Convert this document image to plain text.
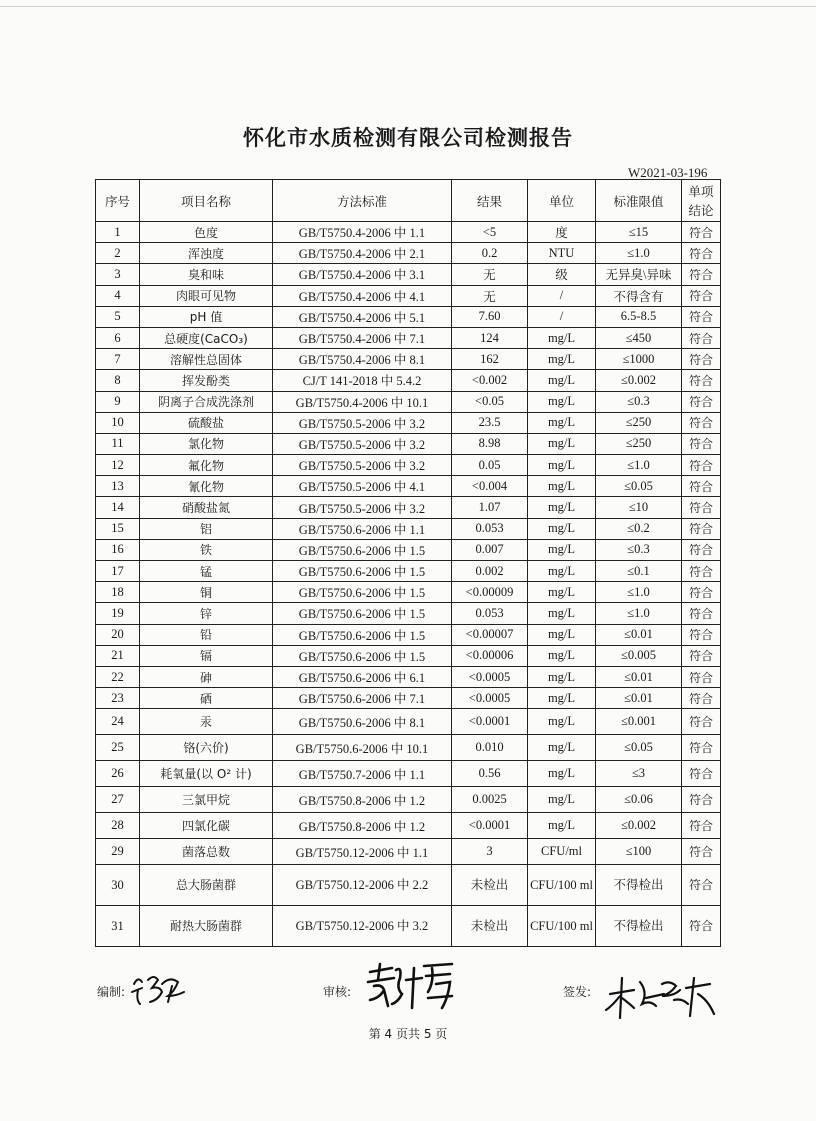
怀化市水质检测有限公司检测报告
W2021-03-196
序号	项目名称	方法标准	结果	单位	标准限值	单项结论
1	色度	GB/T5750.4-2006 中 1.1	<5	度	≤15	符合
2	浑浊度	GB/T5750.4-2006 中 2.1	0.2	NTU	≤1.0	符合
3	臭和味	GB/T5750.4-2006 中 3.1	无	级	无异臭\异味	符合
4	肉眼可见物	GB/T5750.4-2006 中 4.1	无	/	不得含有	符合
5	pH 值	GB/T5750.4-2006 中 5.1	7.60	/	6.5-8.5	符合
6	总硬度(CaCO₃)	GB/T5750.4-2006 中 7.1	124	mg/L	≤450	符合
7	溶解性总固体	GB/T5750.4-2006 中 8.1	162	mg/L	≤1000	符合
8	挥发酚类	CJ/T 141-2018 中 5.4.2	<0.002	mg/L	≤0.002	符合
9	阴离子合成洗涤剂	GB/T5750.4-2006 中 10.1	<0.05	mg/L	≤0.3	符合
10	硫酸盐	GB/T5750.5-2006 中 3.2	23.5	mg/L	≤250	符合
11	氯化物	GB/T5750.5-2006 中 3.2	8.98	mg/L	≤250	符合
12	氟化物	GB/T5750.5-2006 中 3.2	0.05	mg/L	≤1.0	符合
13	氰化物	GB/T5750.5-2006 中 4.1	<0.004	mg/L	≤0.05	符合
14	硝酸盐氮	GB/T5750.5-2006 中 3.2	1.07	mg/L	≤10	符合
15	铝	GB/T5750.6-2006 中 1.1	0.053	mg/L	≤0.2	符合
16	铁	GB/T5750.6-2006 中 1.5	0.007	mg/L	≤0.3	符合
17	锰	GB/T5750.6-2006 中 1.5	0.002	mg/L	≤0.1	符合
18	铜	GB/T5750.6-2006 中 1.5	<0.00009	mg/L	≤1.0	符合
19	锌	GB/T5750.6-2006 中 1.5	0.053	mg/L	≤1.0	符合
20	铅	GB/T5750.6-2006 中 1.5	<0.00007	mg/L	≤0.01	符合
21	镉	GB/T5750.6-2006 中 1.5	<0.00006	mg/L	≤0.005	符合
22	砷	GB/T5750.6-2006 中 6.1	<0.0005	mg/L	≤0.01	符合
23	硒	GB/T5750.6-2006 中 7.1	<0.0005	mg/L	≤0.01	符合
24	汞	GB/T5750.6-2006 中 8.1	<0.0001	mg/L	≤0.001	符合
25	铬(六价)	GB/T5750.6-2006 中 10.1	0.010	mg/L	≤0.05	符合
26	耗氧量(以 O² 计)	GB/T5750.7-2006 中 1.1	0.56	mg/L	≤3	符合
27	三氯甲烷	GB/T5750.8-2006 中 1.2	0.0025	mg/L	≤0.06	符合
28	四氯化碳	GB/T5750.8-2006 中 1.2	<0.0001	mg/L	≤0.002	符合
29	菌落总数	GB/T5750.12-2006 中 1.1	3	CFU/ml	≤100	符合
30	总大肠菌群	GB/T5750.12-2006 中 2.2	未检出	CFU/100 ml	不得检出	符合
31	耐热大肠菌群	GB/T5750.12-2006 中 3.2	未检出	CFU/100 ml	不得检出	符合
编制:	审核:	签发:
第 4 页共 5 页
